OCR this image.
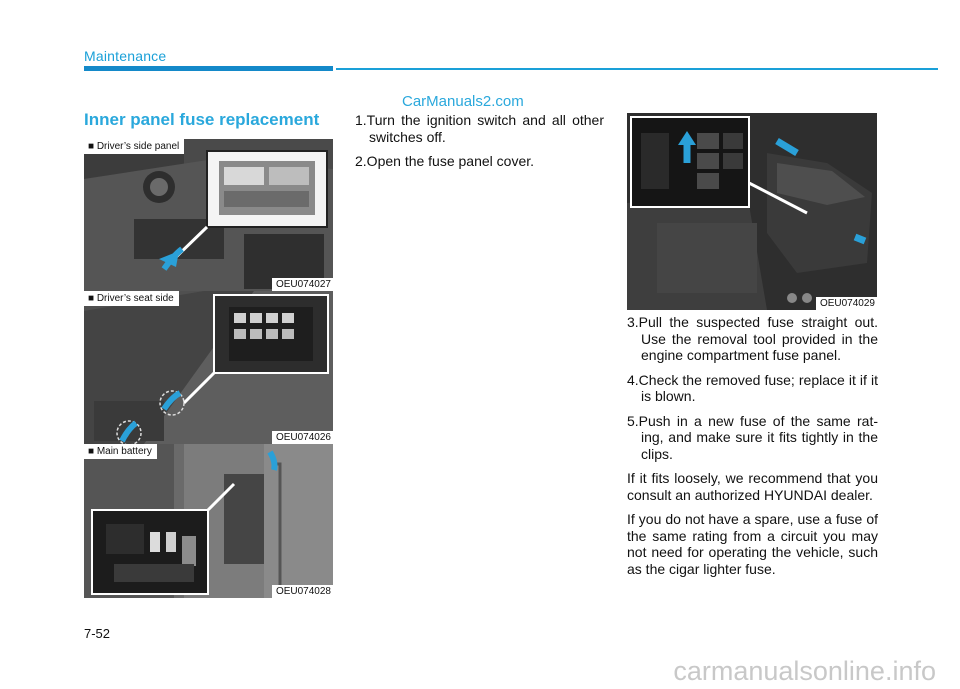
Maintenance
CarManuals2.com
Inner panel fuse replacement
■ Driver’s side panel
OEU074027
■ Driver’s seat side
OEU074026
■ Main battery
OEU074028

1.Turn the ignition switch and all other switches off.

2.Open the fuse panel cover.

OEU074029

3.Pull the suspected fuse straight out. Use the removal tool provided in the engine compartment fuse panel.

4.Check the removed fuse; replace it if it is blown.

5.Push in a new fuse of the same rat- ing, and make sure it fits tightly in the clips.

If it fits loosely, we recommend that you consult an authorized HYUNDAI dealer.

If you do not have a spare, use a fuse of the same rating from a circuit you may not need for operating the vehicle, such as the cigar lighter fuse.

7-52
carmanualsonline.info
